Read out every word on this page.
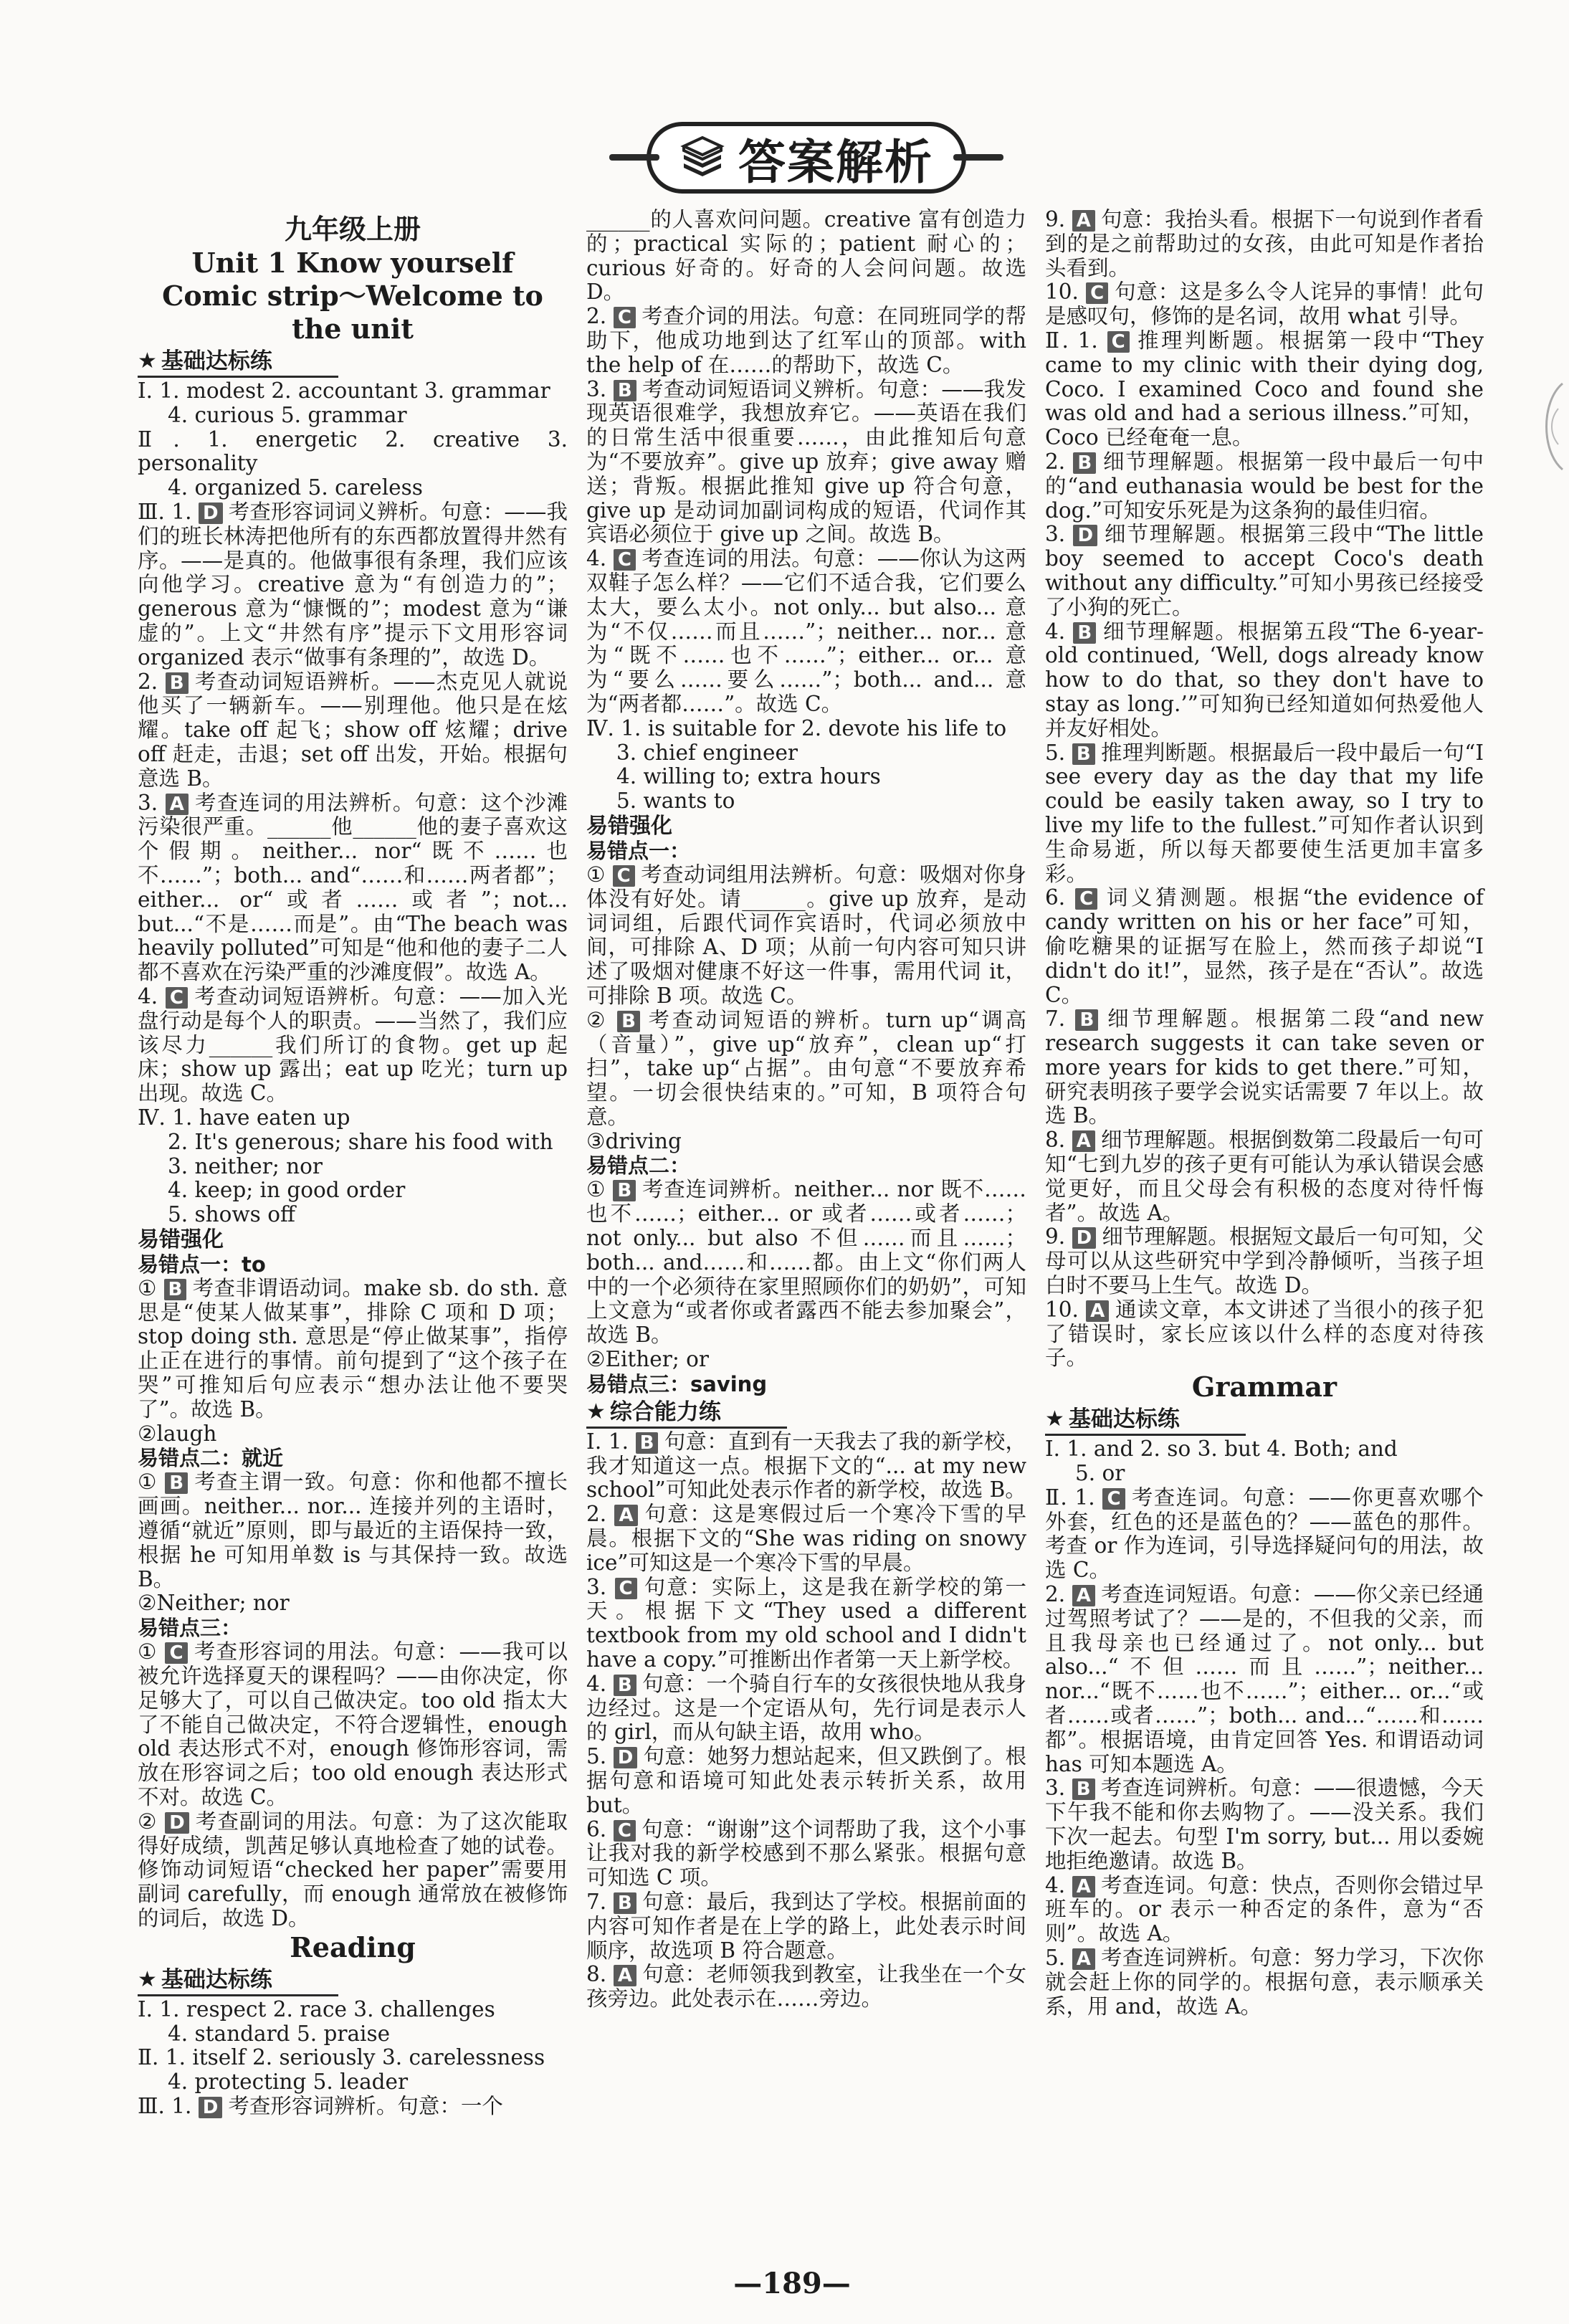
答案解析
九年级上册
Unit 1 Know yourself
Comic strip～Welcome to the unit
★ 基础达标练

Ⅰ. 1. modest 2. accountant 3. grammar

4. curious 5. grammar

Ⅱ. 1. energetic 2. creative 3. personality

4. organized 5. careless

Ⅲ. 1. D 考查形容词词义辨析。句意：——我们的班长林涛把他所有的东西都放置得井然有序。——是真的。他做事很有条理，我们应该向他学习。creative 意为“有创造力的”；generous 意为“慷慨的”；modest 意为“谦虚的”。上文“井然有序”提示下文用形容词 organized 表示“做事有条理的”，故选 D。

2. B 考查动词短语辨析。——杰克见人就说他买了一辆新车。——别理他。他只是在炫耀。take off 起飞；show off 炫耀；drive off 赶走，击退；set off 出发，开始。根据句意选 B。

3. A 考查连词的用法辨析。句意：这个沙滩污染很严重。______他______他的妻子喜欢这个假期。neither... nor“既不……也不……”；both... and“……和……两者都”；either... or“或者……或者”；not... but...“不是……而是”。由“The beach was heavily polluted”可知是“他和他的妻子二人都不喜欢在污染严重的沙滩度假”。故选 A。

4. C 考查动词短语辨析。句意：——加入光盘行动是每个人的职责。——当然了，我们应该尽力______我们所订的食物。get up 起床；show up 露出；eat up 吃光；turn up 出现。故选 C。

Ⅳ. 1. have eaten up

2. It's generous; share his food with

3. neither; nor

4. keep; in good order

5. shows off

易错强化
易错点一：to

① B 考查非谓语动词。make sb. do sth. 意思是“使某人做某事”，排除 C 项和 D 项；stop doing sth. 意思是“停止做某事”，指停止正在进行的事情。前句提到了“这个孩子在哭”可推知后句应表示“想办法让他不要哭了”。故选 B。

②laugh

易错点二：就近

① B 考查主谓一致。句意：你和他都不擅长画画。neither... nor... 连接并列的主语时，遵循“就近”原则，即与最近的主语保持一致，根据 he 可知用单数 is 与其保持一致。故选 B。

②Neither; nor

易错点三：

① C 考查形容词的用法。句意：——我可以被允许选择夏天的课程吗？——由你决定，你足够大了，可以自己做决定。too old 指太大了不能自己做决定，不符合逻辑性，enough old 表达形式不对，enough 修饰形容词，需放在形容词之后；too old enough 表达形式不对。故选 C。

② D 考查副词的用法。句意：为了这次能取得好成绩，凯茜足够认真地检查了她的试卷。修饰动词短语“checked her paper”需要用副词 carefully，而 enough 通常放在被修饰的词后，故选 D。

Reading
★ 基础达标练

Ⅰ. 1. respect 2. race 3. challenges

4. standard 5. praise

Ⅱ. 1. itself 2. seriously 3. carelessness

4. protecting 5. leader

Ⅲ. 1. D 考查形容词辨析。句意：一个

______的人喜欢问问题。creative 富有创造力的；practical 实际的；patient 耐心的；curious 好奇的。好奇的人会问问题。故选 D。

2. C 考查介词的用法。句意：在同班同学的帮助下，他成功地到达了红军山的顶部。with the help of 在……的帮助下，故选 C。

3. B 考查动词短语词义辨析。句意：——我发现英语很难学，我想放弃它。——英语在我们的日常生活中很重要……，由此推知后句意为“不要放弃”。give up 放弃；give away 赠送；背叛。根据此推知 give up 符合句意，give up 是动词加副词构成的短语，代词作其宾语必须位于 give up 之间。故选 B。

4. C 考查连词的用法。句意：——你认为这两双鞋子怎么样？——它们不适合我，它们要么太大，要么太小。not only... but also... 意为“不仅……而且……”；neither... nor... 意为“既不……也不……”；either... or... 意为“要么……要么……”；both... and... 意为“两者都……”。故选 C。

Ⅳ. 1. is suitable for 2. devote his life to

3. chief engineer

4. willing to; extra hours

5. wants to

易错强化
易错点一：

① C 考查动词组用法辨析。句意：吸烟对你身体没有好处。请______。give up 放弃，是动词词组，后跟代词作宾语时，代词必须放中间，可排除 A、D 项；从前一句内容可知只讲述了吸烟对健康不好这一件事，需用代词 it，可排除 B 项。故选 C。

② B 考查动词短语的辨析。turn up“调高（音量）”，give up“放弃”，clean up“打扫”，take up“占据”。由句意“不要放弃希望。一切会很快结束的。”可知，B 项符合句意。

③driving

易错点二：

① B 考查连词辨析。neither... nor 既不……也不……；either... or 或者……或者……；not only... but also 不但……而且……；both... and……和……都。由上文“你们两人中的一个必须待在家里照顾你们的奶奶”，可知上文意为“或者你或者露西不能去参加聚会”，故选 B。

②Either; or

易错点三：saving
★ 综合能力练

Ⅰ. 1. B 句意：直到有一天我去了我的新学校，我才知道这一点。根据下文的“... at my new school”可知此处表示作者的新学校，故选 B。

2. A 句意：这是寒假过后一个寒冷下雪的早晨。根据下文的“She was riding on snowy ice”可知这是一个寒冷下雪的早晨。

3. C 句意：实际上，这是我在新学校的第一天。根据下文“They used a different textbook from my old school and I didn't have a copy.”可推断出作者第一天上新学校。

4. B 句意：一个骑自行车的女孩很快地从我身边经过。这是一个定语从句，先行词是表示人的 girl，而从句缺主语，故用 who。

5. D 句意：她努力想站起来，但又跌倒了。根据句意和语境可知此处表示转折关系，故用 but。

6. C 句意：“谢谢”这个词帮助了我，这个小事让我对我的新学校感到不那么紧张。根据句意可知选 C 项。

7. B 句意：最后，我到达了学校。根据前面的内容可知作者是在上学的路上，此处表示时间顺序，故选项 B 符合题意。

8. A 句意：老师领我到教室，让我坐在一个女孩旁边。此处表示在……旁边。

9. A 句意：我抬头看。根据下一句说到作者看到的是之前帮助过的女孩，由此可知是作者抬头看到。

10. C 句意：这是多么令人诧异的事情！此句是感叹句，修饰的是名词，故用 what 引导。

Ⅱ. 1. C 推理判断题。根据第一段中“They came to my clinic with their dying dog, Coco. I examined Coco and found she was old and had a serious illness.”可知，Coco 已经奄奄一息。

2. B 细节理解题。根据第一段中最后一句中的“and euthanasia would be best for the dog.”可知安乐死是为这条狗的最佳归宿。

3. D 细节理解题。根据第三段中“The little boy seemed to accept Coco's death without any difficulty.”可知小男孩已经接受了小狗的死亡。

4. B 细节理解题。根据第五段“The 6-year-old continued, ‘Well, dogs already know how to do that, so they don't have to stay as long.’”可知狗已经知道如何热爱他人并友好相处。

5. B 推理判断题。根据最后一段中最后一句“I see every day as the day that my life could be easily taken away, so I try to live my life to the fullest.”可知作者认识到生命易逝，所以每天都要使生活更加丰富多彩。

6. C 词义猜测题。根据“the evidence of candy written on his or her face”可知，偷吃糖果的证据写在脸上，然而孩子却说“I didn't do it!”，显然，孩子是在“否认”。故选 C。

7. B 细节理解题。根据第二段“and new research suggests it can take seven or more years for kids to get there.”可知，研究表明孩子要学会说实话需要 7 年以上。故选 B。

8. A 细节理解题。根据倒数第二段最后一句可知“七到九岁的孩子更有可能认为承认错误会感觉更好，而且父母会有积极的态度对待忏悔者”。故选 A。

9. D 细节理解题。根据短文最后一句可知，父母可以从这些研究中学到冷静倾听，当孩子坦白时不要马上生气。故选 D。

10. A 通读文章，本文讲述了当很小的孩子犯了错误时，家长应该以什么样的态度对待孩子。

Grammar
★ 基础达标练

Ⅰ. 1. and 2. so 3. but 4. Both; and

5. or

Ⅱ. 1. C 考查连词。句意：——你更喜欢哪个外套，红色的还是蓝色的？——蓝色的那件。考查 or 作为连词，引导选择疑问句的用法，故选 C。

2. A 考查连词短语。句意：——你父亲已经通过驾照考试了？——是的，不但我的父亲，而且我母亲也已经通过了。not only... but also...“不但……而且……”；neither... nor...“既不……也不……”；either... or...“或者……或者……”；both... and...“……和……都”。根据语境，由肯定回答 Yes. 和谓语动词 has 可知本题选 A。

3. B 考查连词辨析。句意：——很遗憾，今天下午我不能和你去购物了。——没关系。我们下次一起去。句型 I'm sorry, but... 用以委婉地拒绝邀请。故选 B。

4. A 考查连词。句意：快点，否则你会错过早班车的。or 表示一种否定的条件，意为“否则”。故选 A。

5. A 考查连词辨析。句意：努力学习，下次你就会赶上你的同学的。根据句意，表示顺承关系，用 and，故选 A。

—189—
